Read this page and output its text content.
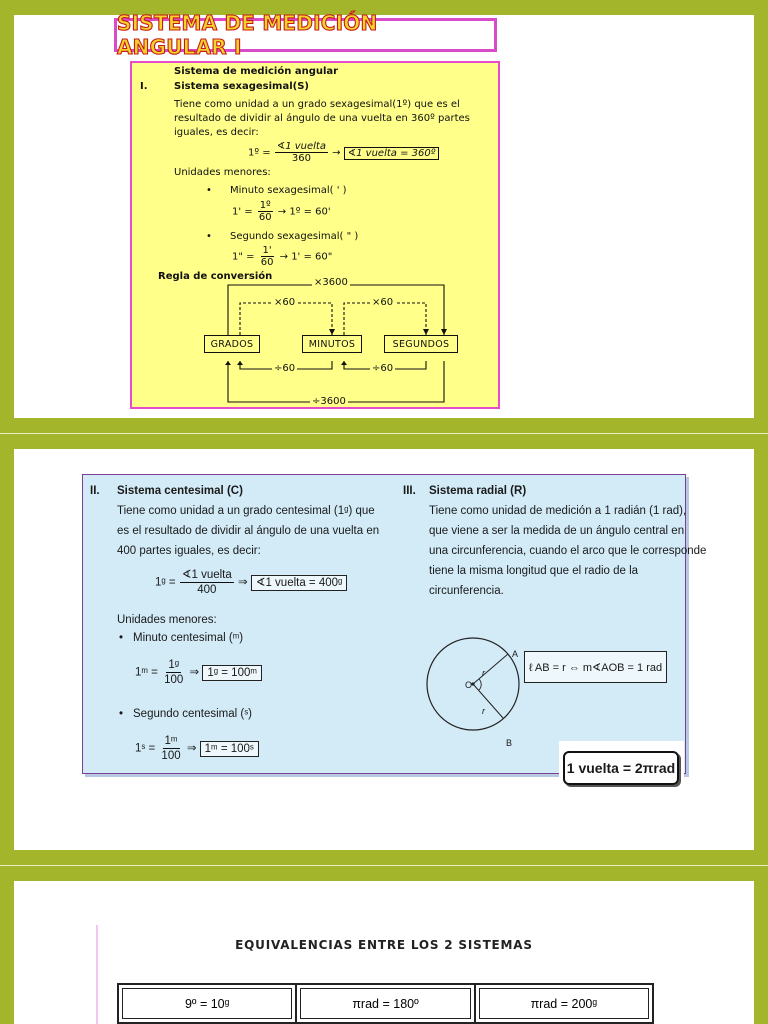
SISTEMA DE MEDICIÓN ANGULAR I
Sistema de medición angular
I.	Sistema sexagesimal(S)
Tiene como unidad a un grado sexagesimal(1º) que es el
resultado de dividir al ángulo de una vuelta en 360º partes
iguales, es decir:
1º = $\frac{\text{∢1 vuelta}}{360}$ → ∢1 vuelta = 360º
Unidades menores:
• Minuto sexagesimal( ' )
$1' = \frac{\text{1º}}{60}$ → 1º = 60'
• Segundo sexagesimal( " )
1" = $\frac{1'}{60} \to 1' = 60$"
Regla de conversión
×3600
×60	×60
GRADOS	MINUTOS	SEGUNDOS
÷60	÷60
÷3600
II. Sistema centesimal (C)
Tiene como unidad a un grado centesimal (1ᵍ) que
es el resultado de dividir al ángulo de una vuelta en
400 partes iguales, es decir:
1ᵍ = $\frac{\text{∢1 vuelta}}{400}$ ⇒ ∢1 vuelta = 400ᵍ
Unidades menores:
• Minuto centesimal (ᵐ)
1ᵐ = $\frac{\text{1ᵍ}}{100}$ ⇒ 1ᵍ = 100ᵐ
• Segundo centesimal (ˢ)
1ˢ = $\frac{\text{1ᵐ}}{100}$ ⇒ 1ᵐ = 100ˢ
III. Sistema radial (R)
Tiene como unidad de medición a 1 radián (1 rad),
que viene a ser la medida de un ángulo central en
una circunferencia, cuando el arco que le corresponde
tiene la misma longitud que el radio de la
circunferencia.
A
B
O
r
r
ℓ AB = r ⇔ m∢AOB = 1 rad
1 vuelta = 2πrad
EQUIVALENCIAS ENTRE LOS 2 SISTEMAS
9º = 10ᵍ	πrad = 180º	πrad = 200ᵍ
